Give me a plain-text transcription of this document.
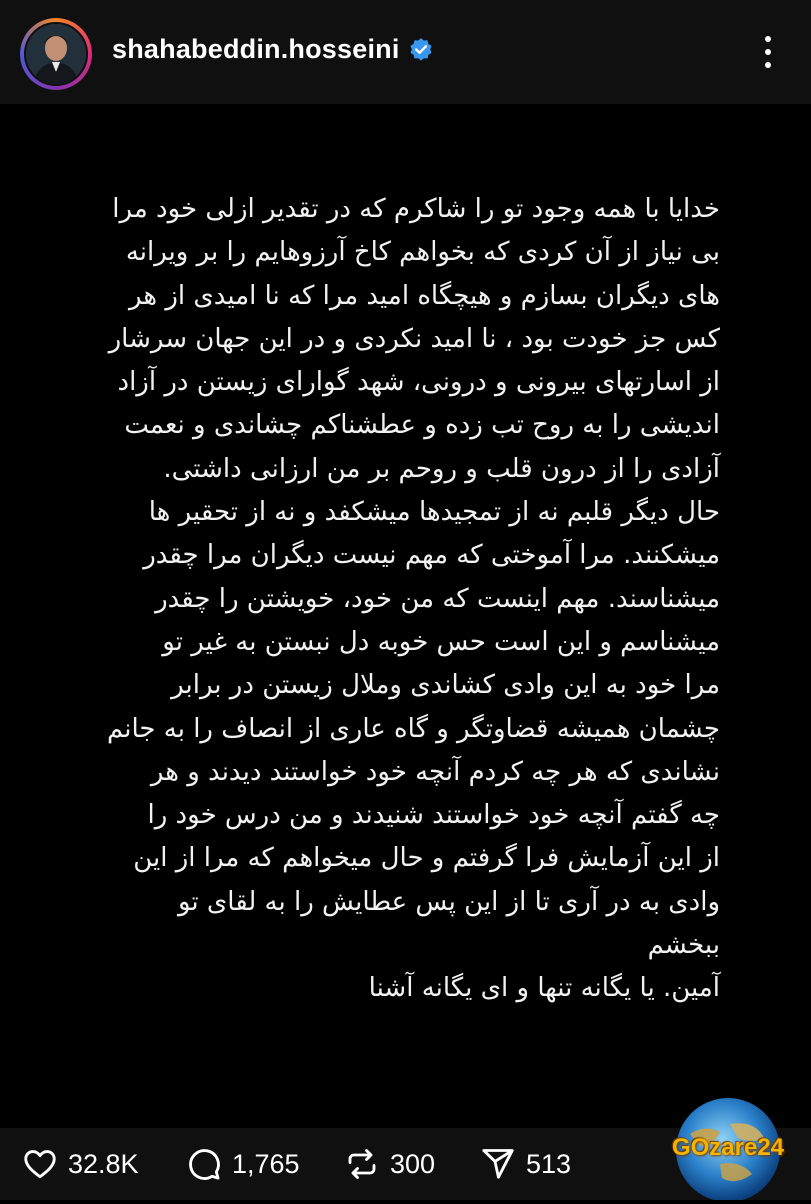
shahabeddin.hosseini
خدایا با همه وجود تو را شاکرم که در تقدیر ازلی خود مرا
بی نیاز از آن کردی که بخواهم کاخ آرزوهایم را بر ویرانه
های دیگران بسازم و هیچگاه امید مرا که نا امیدی از هر
کس جز خودت بود ، نا امید نکردی و در این جهان سرشار
از اسارتهای بیرونی و درونی، شهد گوارای زیستن در آزاد
اندیشی را به روح تب زده و عطشناکم چشاندی و نعمت
آزادی را از درون قلب و روحم بر من ارزانی داشتی.
حال دیگر قلبم نه از تمجیدها میشکفد و نه از تحقیر ها
میشکنند. مرا آموختی که مهم نیست دیگران مرا چقدر
میشناسند. مهم اینست که من خود، خویشتن را چقدر
میشناسم و این است حس خوبه دل نبستن به غیر تو
مرا خود به این وادی کشاندی وملال زیستن در برابر
چشمان همیشه قضاوتگر و گاه عاری از انصاف را به جانم
نشاندی که هر چه کردم آنچه خود خواستند دیدند و هر
چه گفتم آنچه خود خواستند شنیدند و من درس خود را
از این آزمایش فرا گرفتم و حال میخواهم که مرا از این
وادی به در آری تا از این پس عطایش را به لقای تو
ببخشم
آمین. یا یگانه تنها و ای یگانه آشنا
32.8K	1,765	300	513
GOzare24
